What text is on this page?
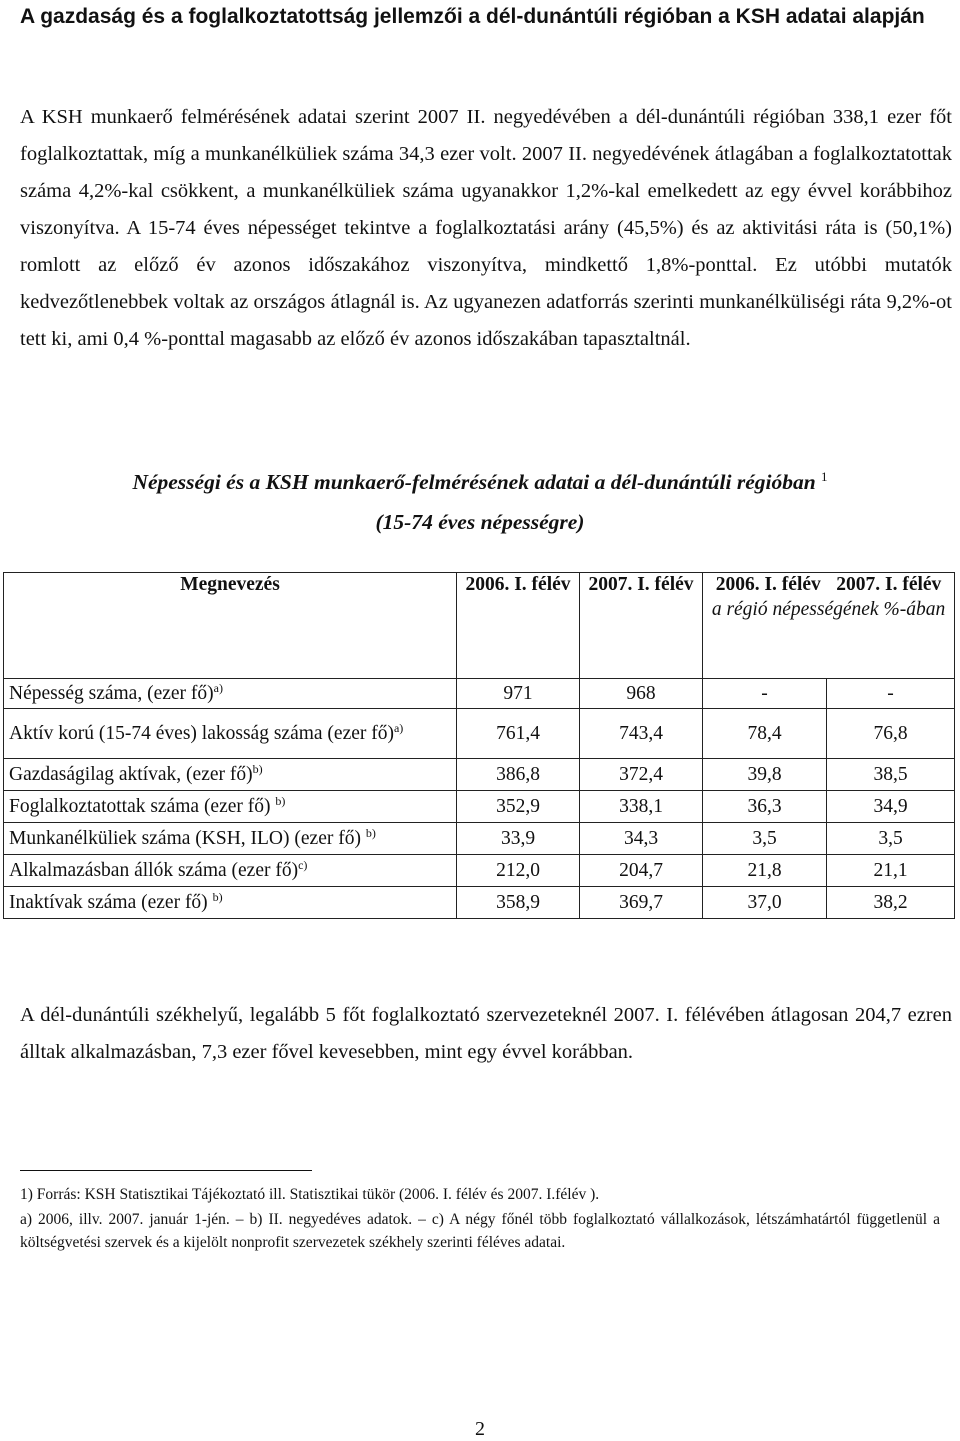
A gazdaság és a foglalkoztatottság jellemzői a dél-dunántúli régióban a KSH adatai alapján

A KSH munkaerő felmérésének adatai szerint 2007 II. negyedévében a dél-dunántúli régióban 338,1 ezer főt foglalkoztattak, míg a munkanélküliek száma 34,3 ezer volt. 2007 II. negyedévének átlagában a foglalkoztatottak száma 4,2%-kal csökkent, a munkanélküliek száma ugyanakkor 1,2%-kal emelkedett az egy évvel korábbihoz viszonyítva. A 15-74 éves népességet tekintve a foglalkoztatási arány (45,5%) és az aktivitási ráta is (50,1%) romlott az előző év azonos időszakához viszonyítva, mindkettő 1,8%-ponttal. Ez utóbbi mutatók kedvezőtlenebbek voltak az országos átlagnál is. Az ugyanezen adatforrás szerinti munkanélküliségi ráta 9,2%-ot tett ki, ami 0,4 %-ponttal magasabb az előző év azonos időszakában tapasztaltnál.

Népességi és a KSH munkaerő-felmérésének adatai a dél-dunántúli régióban $^1$

(15-74 éves népességre)

Megnevezés	2006. I. félév	2007. I. félév	2006. I. félév 2007. I. félév
a régió népességének %-ában	

Népesség száma, (ezer fő)$^{a)}$	971	968	-	-
Aktív korú (15-74 éves) lakosság száma (ezer fő)$^{a)}$	761,4	743,4	78,4	76,8
Gazdaságilag aktívak, (ezer fő)$^{b)}$	386,8	372,4	39,8	38,5
Foglalkoztatottak száma (ezer fő) $^{b)}$	352,9	338,1	36,3	34,9
Munkanélküliek száma (KSH, ILO) (ezer fő) $^{b)}$	33,9	34,3	3,5	3,5
Alkalmazásban állók száma (ezer fő)$^{c)}$	212,0	204,7	21,8	21,1
Inaktívak száma (ezer fő) $^{b)}$	358,9	369,7	37,0	38,2

A dél-dunántúli székhelyű, legalább 5 főt foglalkoztató szervezeteknél 2007. I. félévében átlagosan 204,7 ezren álltak alkalmazásban, 7,3 ezer fővel kevesebben, mint egy évvel korábban.

1) Forrás: KSH Statisztikai Tájékoztató ill. Statisztikai tükör (2006. I. félév és 2007. I.félév ).

a) 2006, illv. 2007. január 1-jén. – b) II. negyedéves adatok. – c) A négy főnél több foglalkoztató vállalkozások, létszámhatártól függetlenül a költségvetési szervek és a kijelölt nonprofit szervezetek székhely szerinti féléves adatai.

2
